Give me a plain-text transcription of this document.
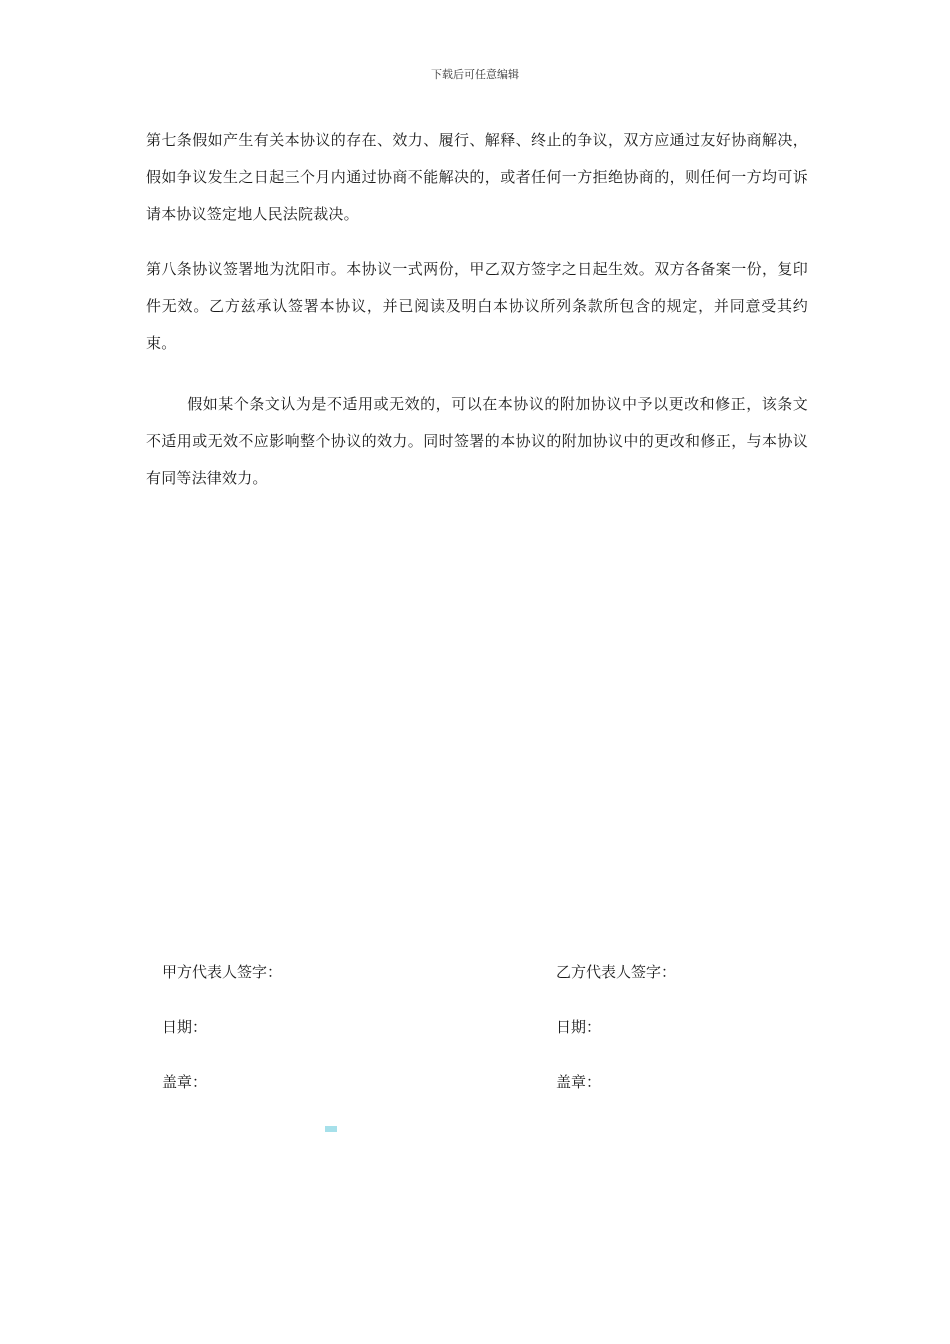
下载后可任意编辑

第七条假如产生有关本协议的存在、效力、履行、解释、终止的争议，双方应通过友好协商解决，假如争议发生之日起三个月内通过协商不能解决的，或者任何一方拒绝协商的，则任何一方均可诉请本协议签定地人民法院裁决。

第八条协议签署地为沈阳市。本协议一式两份，甲乙双方签字之日起生效。双方各备案一份，复印件无效。乙方兹承认签署本协议，并已阅读及明白本协议所列条款所包含的规定，并同意受其约束。

假如某个条文认为是不适用或无效的，可以在本协议的附加协议中予以更改和修正，该条文不适用或无效不应影响整个协议的效力。同时签署的本协议的附加协议中的更改和修正，与本协议有同等法律效力。

甲方代表人签字：
日期：
盖章：
乙方代表人签字：
日期：
盖章：
